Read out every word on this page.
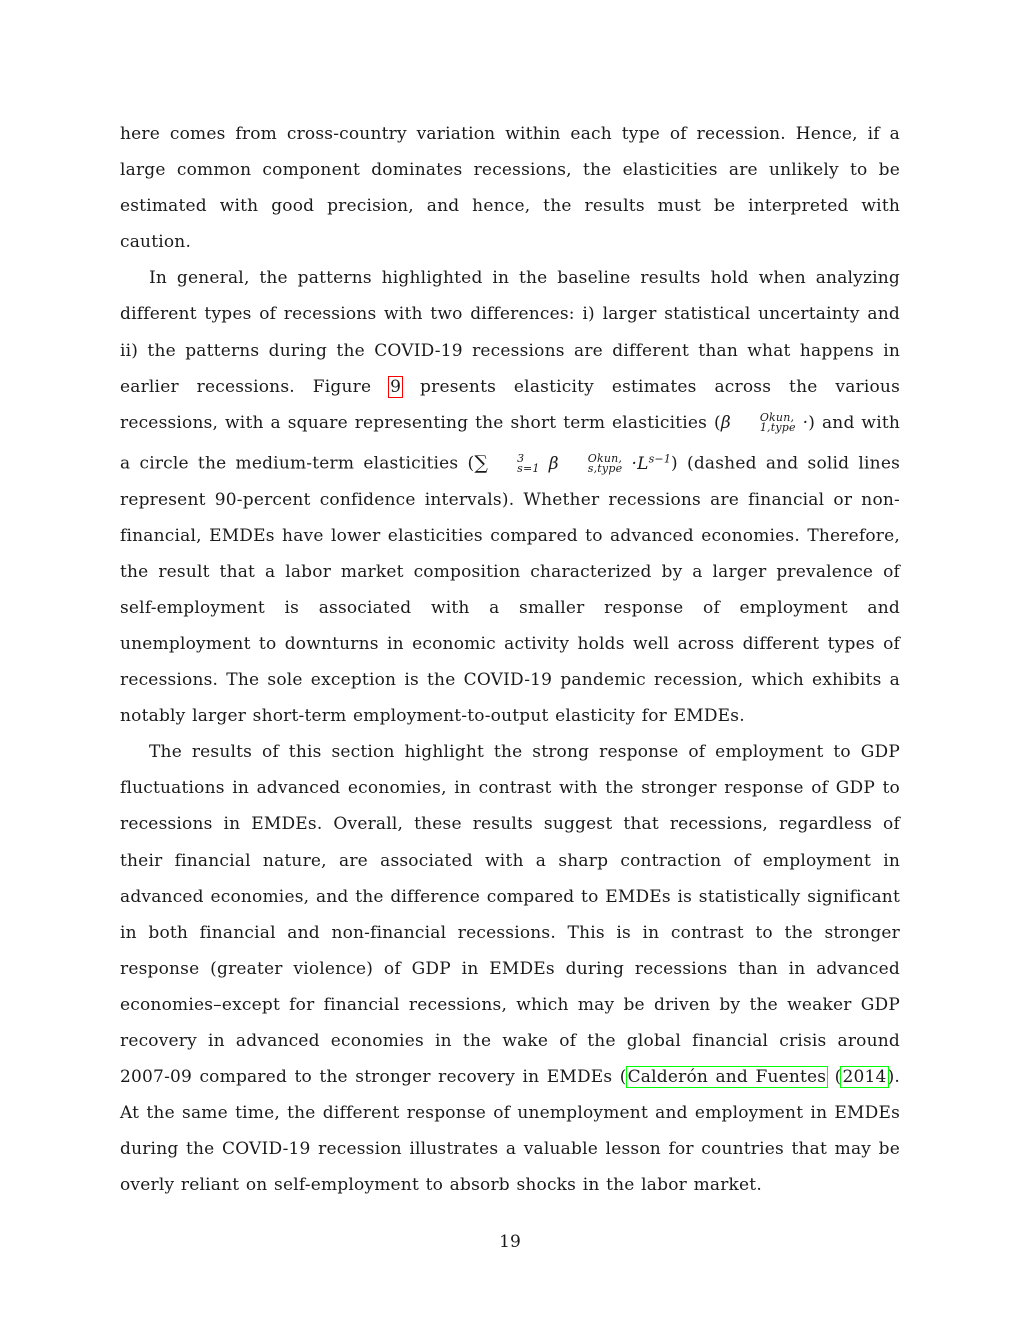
here comes from cross-country variation within each type of recession. Hence, if a large common component dominates recessions, the elasticities are unlikely to be estimated with good precision, and hence, the results must be interpreted with caution.

In general, the patterns highlighted in the baseline results hold when analyzing different types of recessions with two differences: i) larger statistical uncertainty and ii) the patterns during the COVID-19 recessions are different than what happens in earlier recessions. Figure 9 presents elasticity estimates across the various recessions, with a square representing the short term elasticities (β	Okun,
1,type ·) and with a circle the medium-term elasticities (∑	3
s=1 β	Okun,
s,type $\cdot L^{s-1}$) (dashed and solid lines represent 90-percent confidence intervals). Whether recessions are financial or non-financial, EMDEs have lower elasticities compared to advanced economies. Therefore, the result that a labor market composition characterized by a larger prevalence of self-employment is associated with a smaller response of employment and unemployment to downturns in economic activity holds well across different types of recessions. The sole exception is the COVID-19 pandemic recession, which exhibits a notably larger short-term employment-to-output elasticity for EMDEs.

The results of this section highlight the strong response of employment to GDP fluctuations in advanced economies, in contrast with the stronger response of GDP to recessions in EMDEs. Overall, these results suggest that recessions, regardless of their financial nature, are associated with a sharp contraction of employment in advanced economies, and the difference compared to EMDEs is statistically significant in both financial and non-financial recessions. This is in contrast to the stronger response (greater violence) of GDP in EMDEs during recessions than in advanced economies–except for financial recessions, which may be driven by the weaker GDP recovery in advanced economies in the wake of the global financial crisis around 2007-09 compared to the stronger recovery in EMDEs (Calderón and Fuentes (2014). At the same time, the different response of unemployment and employment in EMDEs during the COVID-19 recession illustrates a valuable lesson for countries that may be overly reliant on self-employment to absorb shocks in the labor market.

19
